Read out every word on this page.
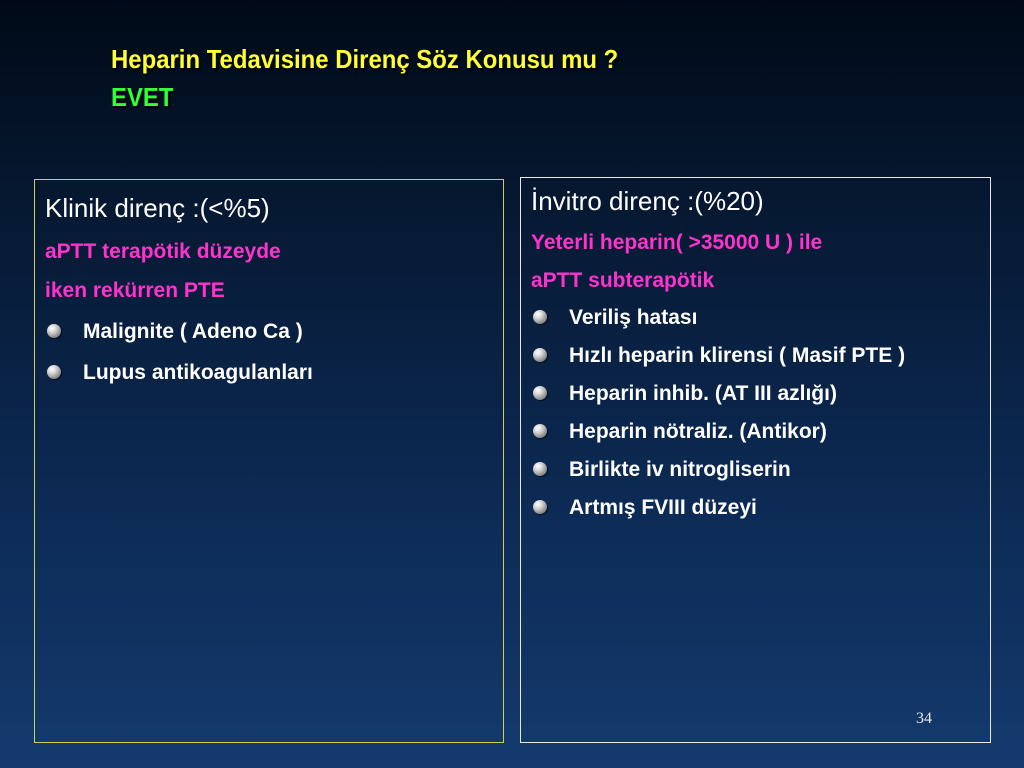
Heparin Tedavisine Direnç Söz Konusu mu ?
EVET
Klinik direnç :(<%5)
aPTT terapötik düzeyde
iken rekürren PTE
Malignite ( Adeno Ca )
Lupus antikoagulanları
İnvitro direnç :(%20)
Yeterli heparin( >35000 U ) ile
aPTT subterapötik
Veriliş hatası
Hızlı heparin klirensi ( Masif PTE )
Heparin inhib. (AT III azlığı)
Heparin nötraliz. (Antikor)
Birlikte iv nitrogliserin
Artmış FVIII düzeyi
34
